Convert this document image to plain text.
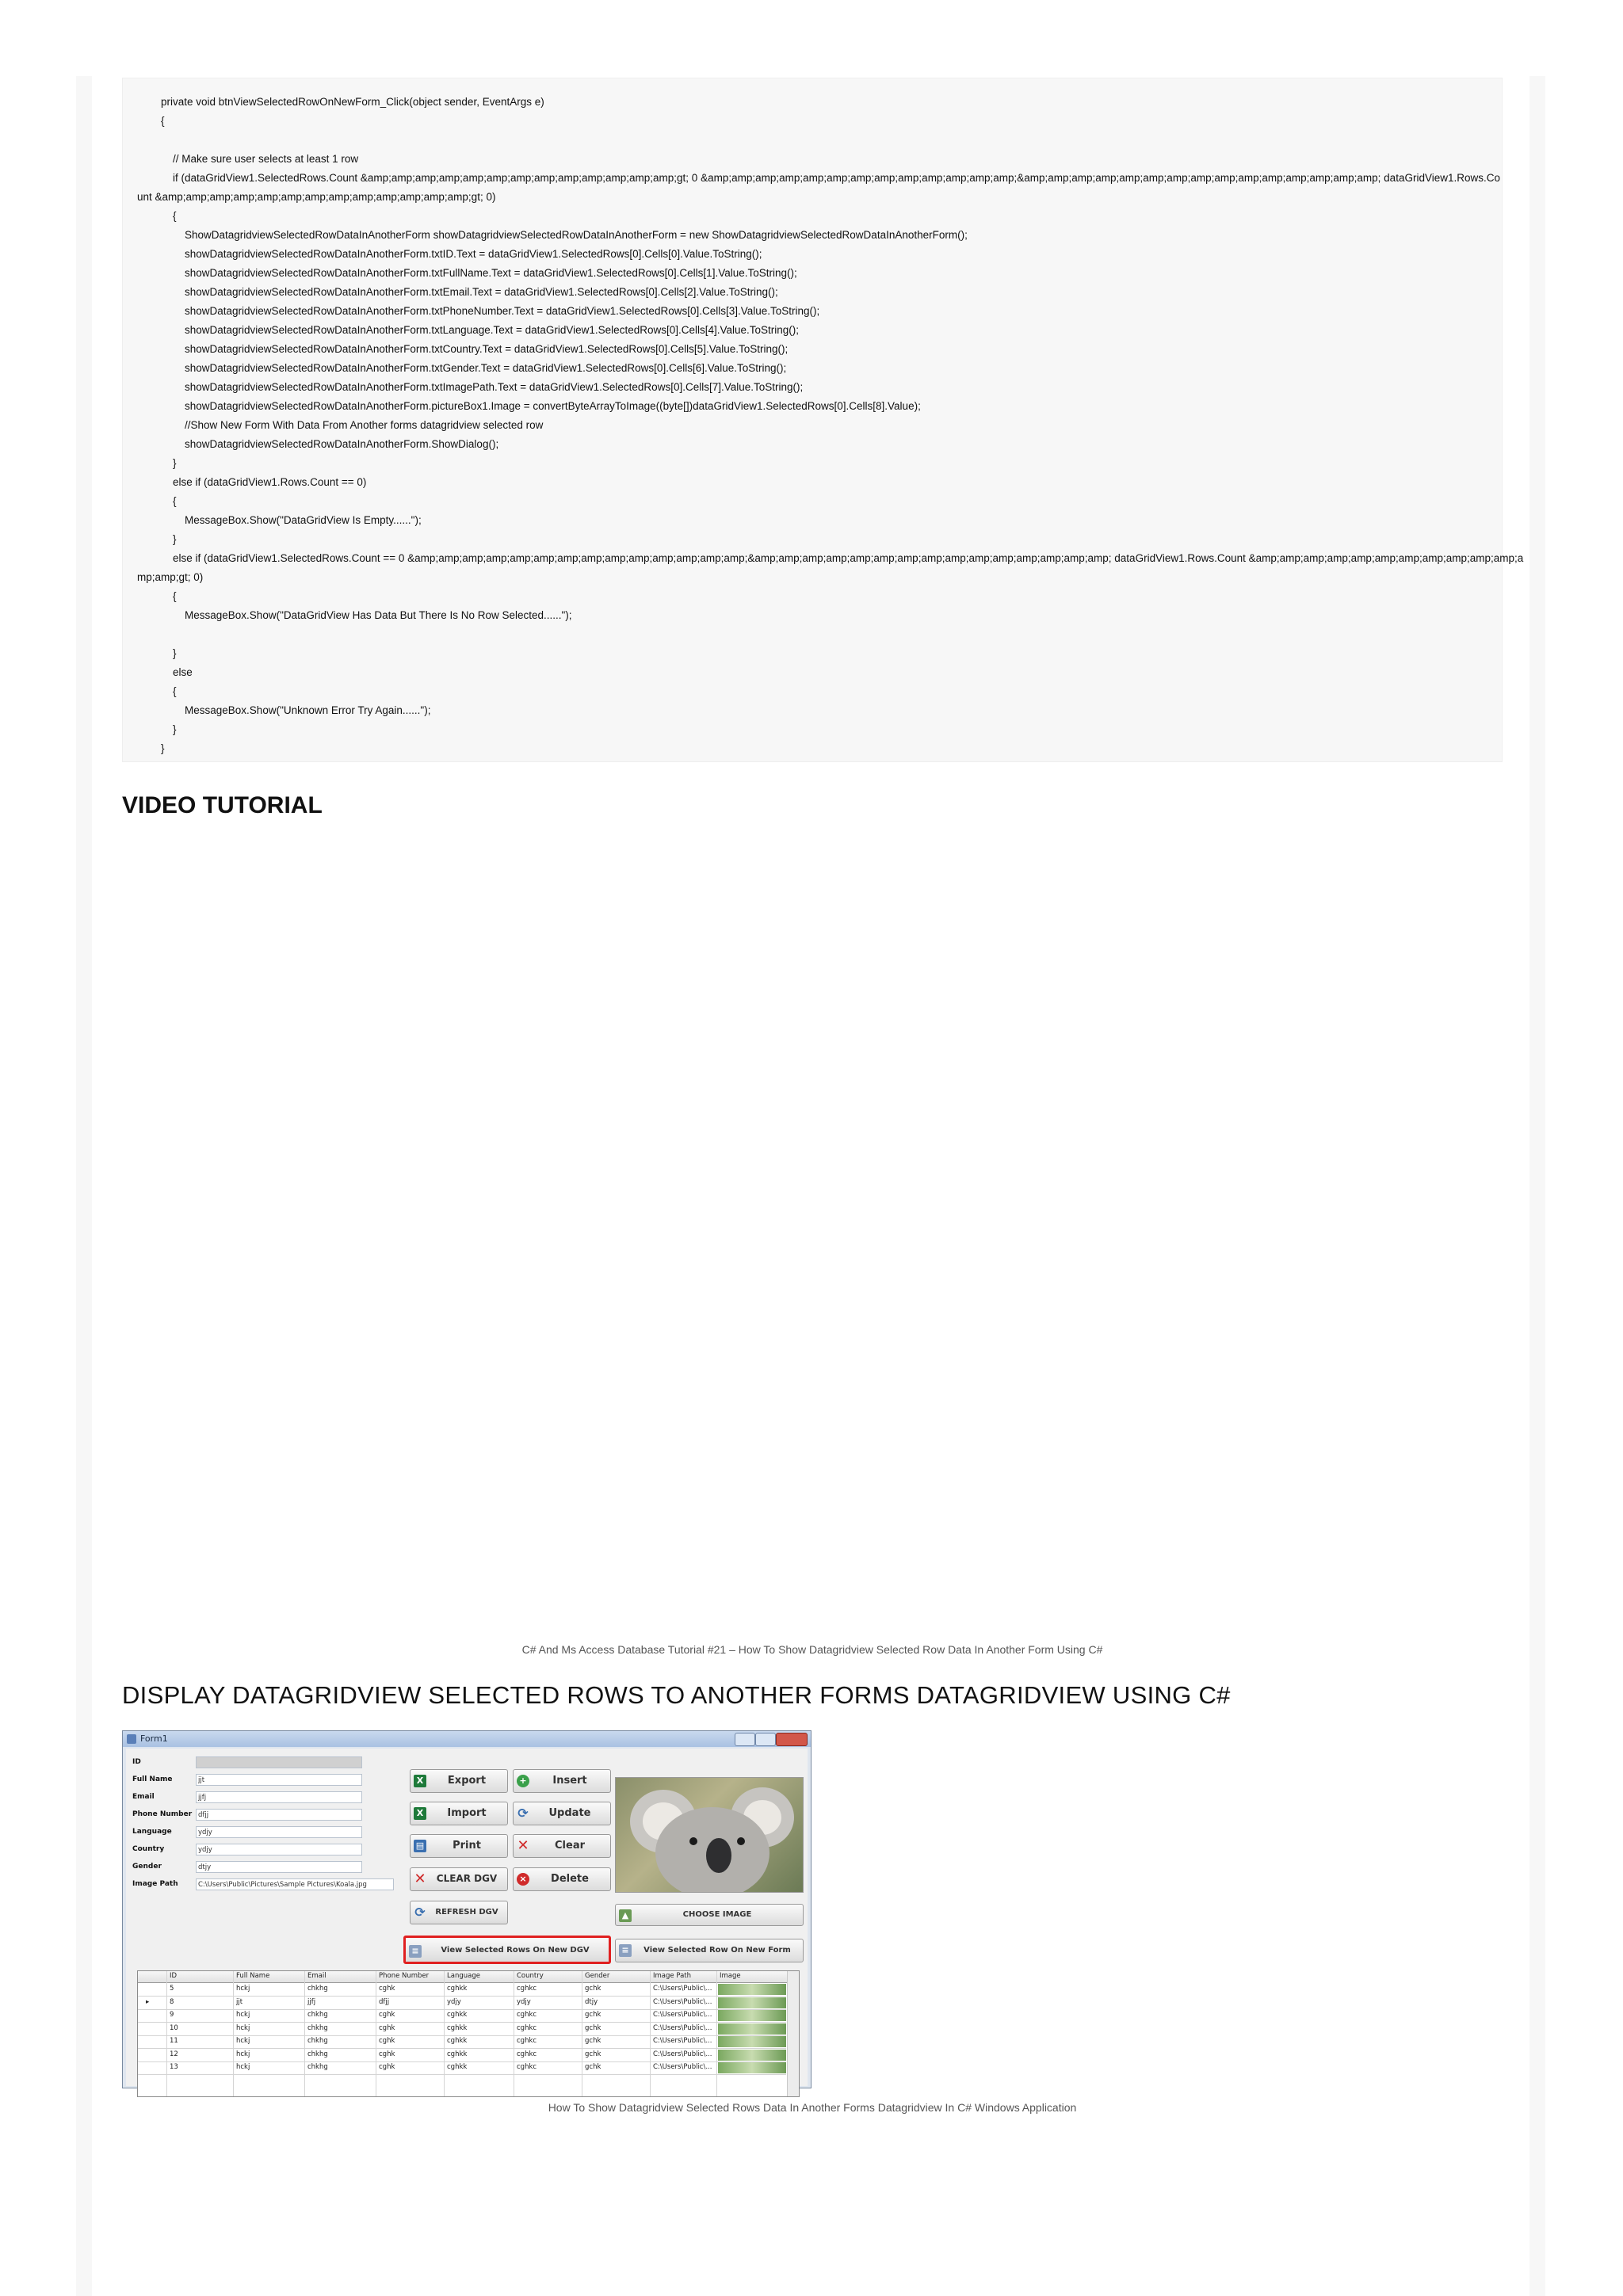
private void btnViewSelectedRowOnNewForm_Click(object sender, EventArgs e)
{
// Make sure user selects at least 1 row
if (dataGridView1.SelectedRows.Count &amp;amp;amp;amp;amp;amp;amp;amp;amp;amp;amp;amp;amp;gt; 0 &amp;amp;amp;amp;amp;amp;amp;amp;amp;amp;amp;amp;amp;&amp;amp;amp;amp;amp;amp;amp;amp;amp;amp;amp;amp;amp;amp;amp; dataGridView1.Rows.Co
unt &amp;amp;amp;amp;amp;amp;amp;amp;amp;amp;amp;amp;amp;gt; 0)
{
ShowDatagridviewSelectedRowDataInAnotherForm showDatagridviewSelectedRowDataInAnotherForm = new ShowDatagridviewSelectedRowDataInAnotherForm();
showDatagridviewSelectedRowDataInAnotherForm.txtID.Text = dataGridView1.SelectedRows[0].Cells[0].Value.ToString();
showDatagridviewSelectedRowDataInAnotherForm.txtFullName.Text = dataGridView1.SelectedRows[0].Cells[1].Value.ToString();
showDatagridviewSelectedRowDataInAnotherForm.txtEmail.Text = dataGridView1.SelectedRows[0].Cells[2].Value.ToString();
showDatagridviewSelectedRowDataInAnotherForm.txtPhoneNumber.Text = dataGridView1.SelectedRows[0].Cells[3].Value.ToString();
showDatagridviewSelectedRowDataInAnotherForm.txtLanguage.Text = dataGridView1.SelectedRows[0].Cells[4].Value.ToString();
showDatagridviewSelectedRowDataInAnotherForm.txtCountry.Text = dataGridView1.SelectedRows[0].Cells[5].Value.ToString();
showDatagridviewSelectedRowDataInAnotherForm.txtGender.Text = dataGridView1.SelectedRows[0].Cells[6].Value.ToString();
showDatagridviewSelectedRowDataInAnotherForm.txtImagePath.Text = dataGridView1.SelectedRows[0].Cells[7].Value.ToString();
showDatagridviewSelectedRowDataInAnotherForm.pictureBox1.Image = convertByteArrayToImage((byte[])dataGridView1.SelectedRows[0].Cells[8].Value);
//Show New Form With Data From Another forms datagridview selected row
showDatagridviewSelectedRowDataInAnotherForm.ShowDialog();
}
else if (dataGridView1.Rows.Count == 0)
{
MessageBox.Show("DataGridView Is Empty......");
}
else if (dataGridView1.SelectedRows.Count == 0 &amp;amp;amp;amp;amp;amp;amp;amp;amp;amp;amp;amp;amp;amp;&amp;amp;amp;amp;amp;amp;amp;amp;amp;amp;amp;amp;amp;amp;amp; dataGridView1.Rows.Count &amp;amp;amp;amp;amp;amp;amp;amp;amp;amp;amp;a
mp;amp;gt; 0)
{
MessageBox.Show("DataGridView Has Data But There Is No Row Selected......");
}
else
{
MessageBox.Show("Unknown Error Try Again......");
}
}
VIDEO TUTORIAL
C# And Ms Access Database Tutorial #21 – How To Show Datagridview Selected Row Data In Another Form Using C#
DISPLAY DATAGRIDVIEW SELECTED ROWS TO ANOTHER FORMS DATAGRIDVIEW USING C#
Form1
ID
Full Name	jjt
Email	jjfj
Phone Number dfjj
Language	ydjy
Country	ydjy
Gender	dtjy
Image Path	C:\Users\Public\Pictures\Sample Pictures\Koala.jpg
X	Export
X	Import
▤	Print
✕	CLEAR DGV
⟳	REFRESH DGV
+	Insert
⟳	Update
✕	Clear
×	Delete
▲	CHOOSE IMAGE
≡	View Selected Rows On New DGV	≡	View Selected Row On New Form
ID	Full Name	Email	Phone Number	Language	Country	Gender	Image Path	Image
5	hckj	chkhg	cghk	cghkk	cghkc	gchk	C:\Users\Public\...
▸	8	jjt	jjfj	dfjj	ydjy	ydjy	dtjy	C:\Users\Public\...
9	hckj	chkhg	cghk	cghkk	cghkc	gchk	C:\Users\Public\...
10	hckj	chkhg	cghk	cghkk	cghkc	gchk	C:\Users\Public\...
11	hckj	chkhg	cghk	cghkk	cghkc	gchk	C:\Users\Public\...
12	hckj	chkhg	cghk	cghkk	cghkc	gchk	C:\Users\Public\...
13	hckj	chkhg	cghk	cghkk	cghkc	gchk	C:\Users\Public\...
How To Show Datagridview Selected Rows Data In Another Forms Datagridview In C# Windows Application
